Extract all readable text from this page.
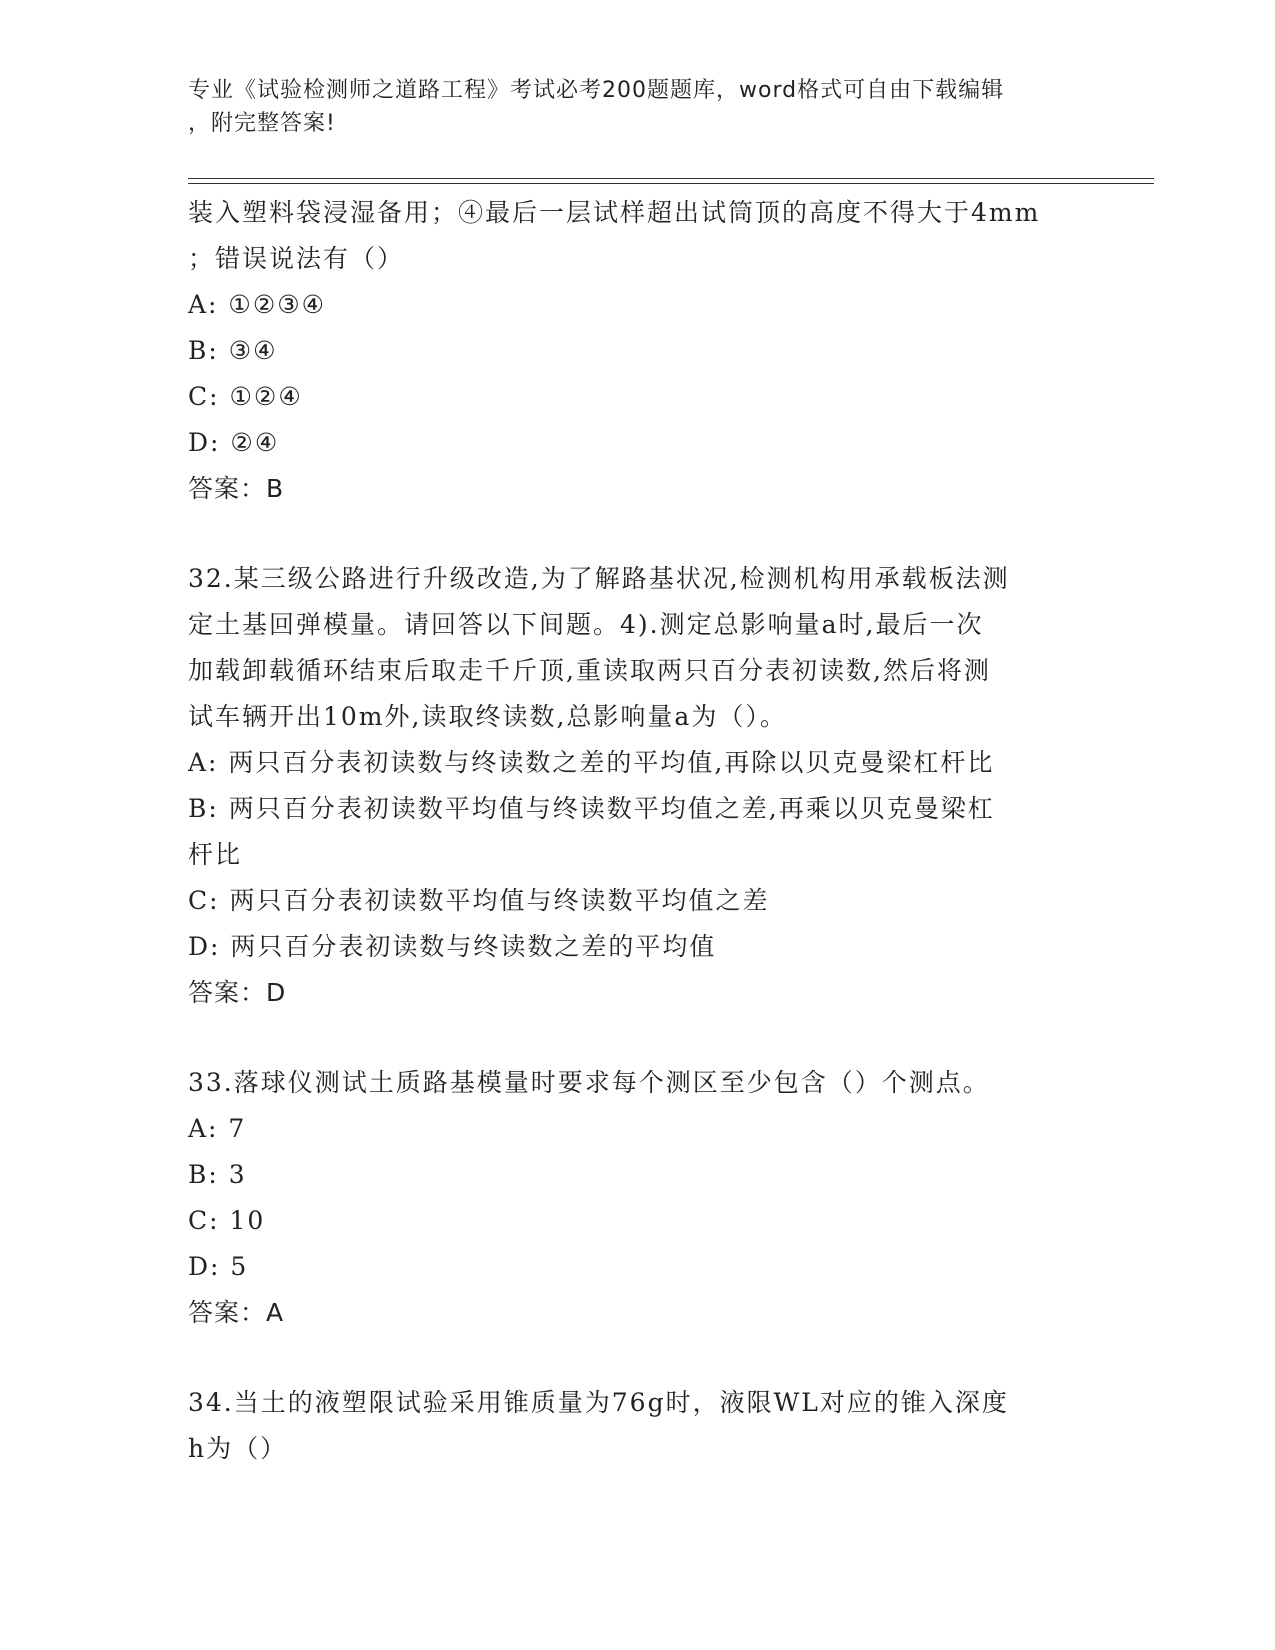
专业《试验检测师之道路工程》考试必考200题题库，word格式可自由下载编辑

，附完整答案!

装入塑料袋浸湿备用；④最后一层试样超出试筒顶的高度不得大于4mm

；错误说法有（）

A: ①②③④

B: ③④

C: ①②④

D: ②④

答案：B

32.某三级公路进行升级改造,为了解路基状况,检测机构用承载板法测

定土基回弹模量。请回答以下间题。4).测定总影响量a时,最后一次

加载卸载循环结束后取走千斤顶,重读取两只百分表初读数,然后将测

试车辆开出10m外,读取终读数,总影响量a为（）。

A: 两只百分表初读数与终读数之差的平均值,再除以贝克曼梁杠杆比

B: 两只百分表初读数平均值与终读数平均值之差,再乘以贝克曼梁杠

杆比

C: 两只百分表初读数平均值与终读数平均值之差

D: 两只百分表初读数与终读数之差的平均值

答案：D

33.落球仪测试土质路基模量时要求每个测区至少包含（）个测点。

A: 7

B: 3

C: 10

D: 5

答案：A

34.当土的液塑限试验采用锥质量为76g时，液限WL对应的锥入深度

h为（）
